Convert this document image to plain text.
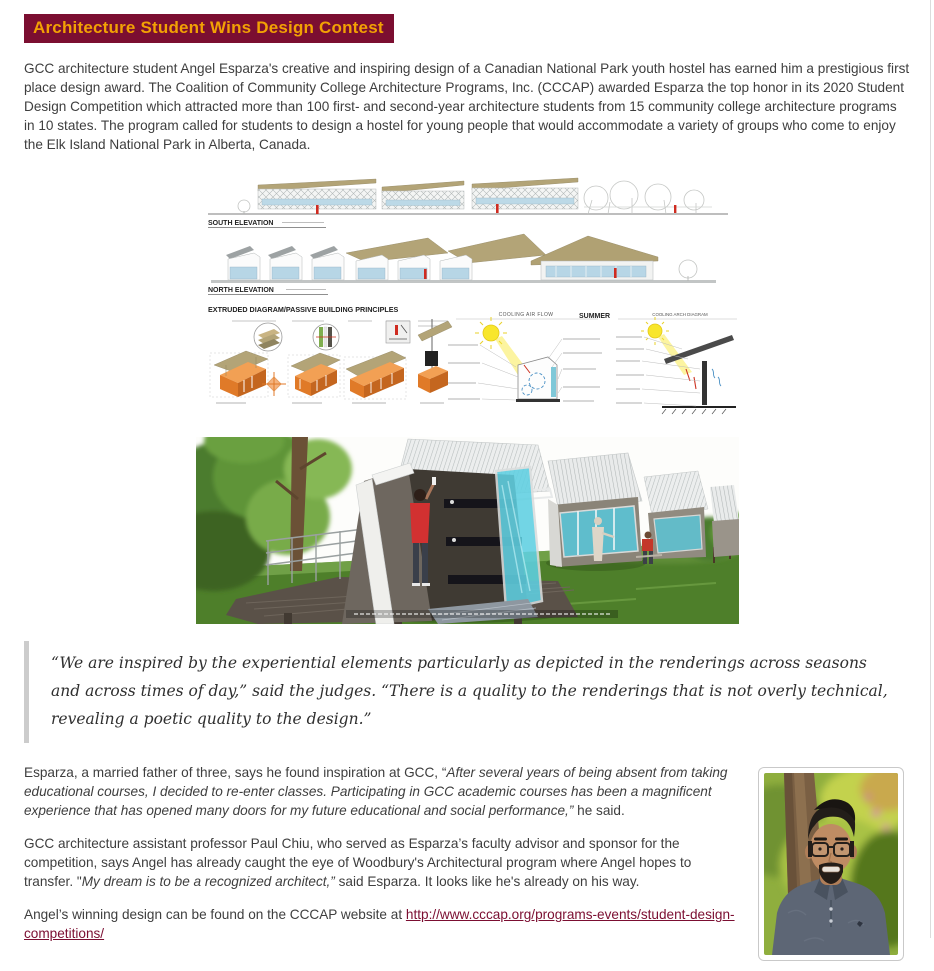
Architecture Student Wins Design Contest

GCC architecture student Angel Esparza's creative and inspiring design of a Canadian National Park youth hostel has earned him a prestigious first place design award. The Coalition of Community College Architecture Programs, Inc. (CCCAP) awarded Esparza the top honor in its 2020 Student Design Competition which attracted more than 100 first- and second-year architecture students from 15 community college architecture programs in 10 states. The program called for students to design a hostel for young people that would accommodate a variety of groups who come to enjoy the Elk Island National Park in Alberta, Canada.

SOUTH ELEVATION
NORTH ELEVATION
EXTRUDED DIAGRAM/PASSIVE BUILDING PRINCIPLES
COOLING AIR FLOW	SUMMER	COOLING ARCH DIAGRAM
“We are inspired by the experiential elements particularly as depicted in the renderings across seasons and across times of day,” said the judges. “There is a quality to the renderings that is not overly technical, revealing a poetic quality to the design.”

Esparza, a married father of three, says he found inspiration at GCC, “After several years of being absent from taking educational courses, I decided to re-enter classes. Participating in GCC academic courses has been a magnificent experience that has opened many doors for my future educational and social performance,” he said.

GCC architecture assistant professor Paul Chiu, who served as Esparza’s faculty advisor and sponsor for the competition, says Angel has already caught the eye of Woodbury's Architectural program where Angel hopes to transfer. "My dream is to be a recognized architect,” said Esparza. It looks like he's already on his way.

Angel’s winning design can be found on the CCCAP website at http://www.cccap.org/programs-events/student-design-competitions/
